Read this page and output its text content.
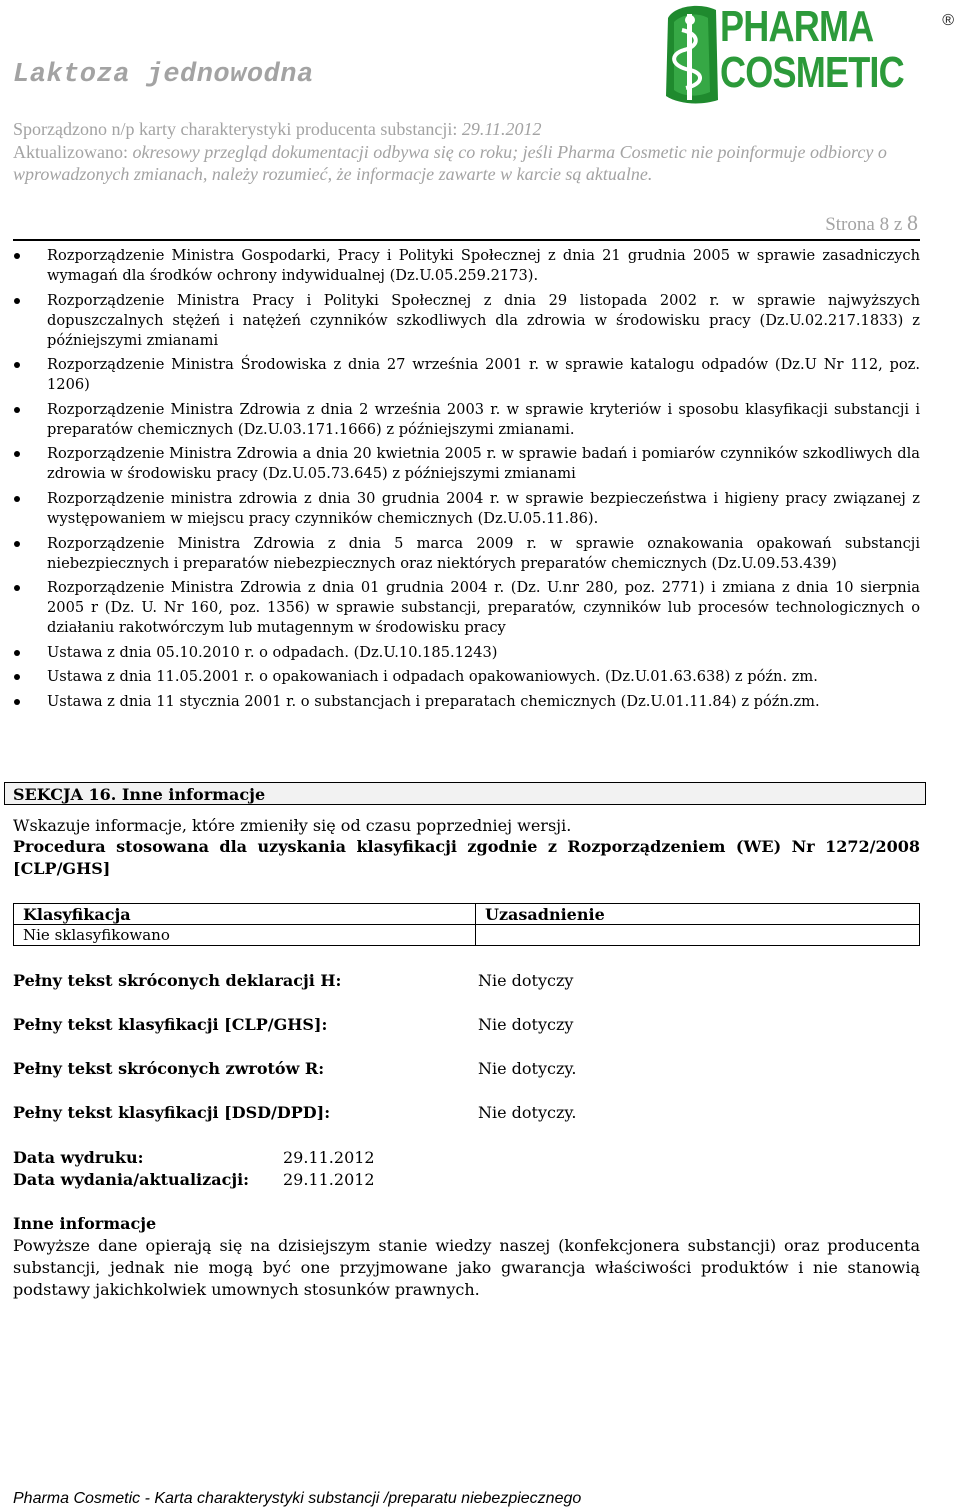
Laktoza jednowodna
Sporządzono n/p karty charakterystyki producenta substancji: 29.11.2012
Aktualizowano: okresowy przegląd dokumentacji odbywa się co roku; jeśli Pharma Cosmetic nie poinformuje odbiorcy o wprowadzonych zmianach, należy rozumieć, że informacje zawarte w karcie są aktualne.
PHARMA
COSMETIC
®
Strona 8 z 8
Rozporządzenie Ministra Gospodarki, Pracy i Polityki Społecznej z dnia 21 grudnia 2005 w sprawie zasadniczych wymagań dla środków ochrony indywidualnej (Dz.U.05.259.2173).
Rozporządzenie Ministra Pracy i Polityki Społecznej z dnia 29 listopada 2002 r. w sprawie najwyższych dopuszczalnych stężeń i natężeń czynników szkodliwych dla zdrowia w środowisku pracy (Dz.U.02.217.1833) z późniejszymi zmianami
Rozporządzenie Ministra Środowiska z dnia 27 września 2001 r. w sprawie katalogu odpadów (Dz.U Nr 112, poz. 1206)
Rozporządzenie Ministra Zdrowia z dnia 2 września 2003 r. w sprawie kryteriów i sposobu klasyfikacji substancji i preparatów chemicznych (Dz.U.03.171.1666) z późniejszymi zmianami.
Rozporządzenie Ministra Zdrowia a dnia 20 kwietnia 2005 r. w sprawie badań i pomiarów czynników szkodliwych dla zdrowia w środowisku pracy (Dz.U.05.73.645) z późniejszymi zmianami
Rozporządzenie ministra zdrowia z dnia 30 grudnia 2004 r. w sprawie bezpieczeństwa i higieny pracy związanej z występowaniem w miejscu pracy czynników chemicznych (Dz.U.05.11.86).
Rozporządzenie Ministra Zdrowia z dnia 5 marca 2009 r. w sprawie oznakowania opakowań substancji niebezpiecznych i preparatów niebezpiecznych oraz niektórych preparatów chemicznych (Dz.U.09.53.439)
Rozporządzenie Ministra Zdrowia z dnia 01 grudnia 2004 r. (Dz. U.nr 280, poz. 2771) i zmiana z dnia 10 sierpnia 2005 r (Dz. U. Nr 160, poz. 1356) w sprawie substancji, preparatów, czynników lub procesów technologicznych o działaniu rakotwórczym lub mutagennym w środowisku pracy
Ustawa z dnia 05.10.2010 r. o odpadach. (Dz.U.10.185.1243)
Ustawa z dnia 11.05.2001 r. o opakowaniach i odpadach opakowaniowych. (Dz.U.01.63.638) z późn. zm.
Ustawa z dnia 11 stycznia 2001 r. o substancjach i preparatach chemicznych (Dz.U.01.11.84) z późn.zm.
SEKCJA 16. Inne informacje
Wskazuje informacje, które zmieniły się od czasu poprzedniej wersji.
Procedura stosowana dla uzyskania klasyfikacji zgodnie z Rozporządzeniem (WE) Nr 1272/2008 [CLP/GHS]
Klasyfikacja	Uzasadnienie
Nie sklasyfikowano	
Pełny tekst skróconych deklaracji H:	Nie dotyczy
Pełny tekst klasyfikacji [CLP/GHS]:	Nie dotyczy
Pełny tekst skróconych zwrotów R:	Nie dotyczy.
Pełny tekst klasyfikacji [DSD/DPD]:	Nie dotyczy.
Data wydruku:	29.11.2012
Data wydania/aktualizacji: 29.11.2012
Inne informacje
Powyższe dane opierają się na dzisiejszym stanie wiedzy naszej (konfekcjonera substancji) oraz producenta substancji, jednak nie mogą być one przyjmowane jako gwarancja właściwości produktów i nie stanowią podstawy jakichkolwiek umownych stosunków prawnych.
Pharma Cosmetic - Karta charakterystyki substancji /preparatu niebezpiecznego
